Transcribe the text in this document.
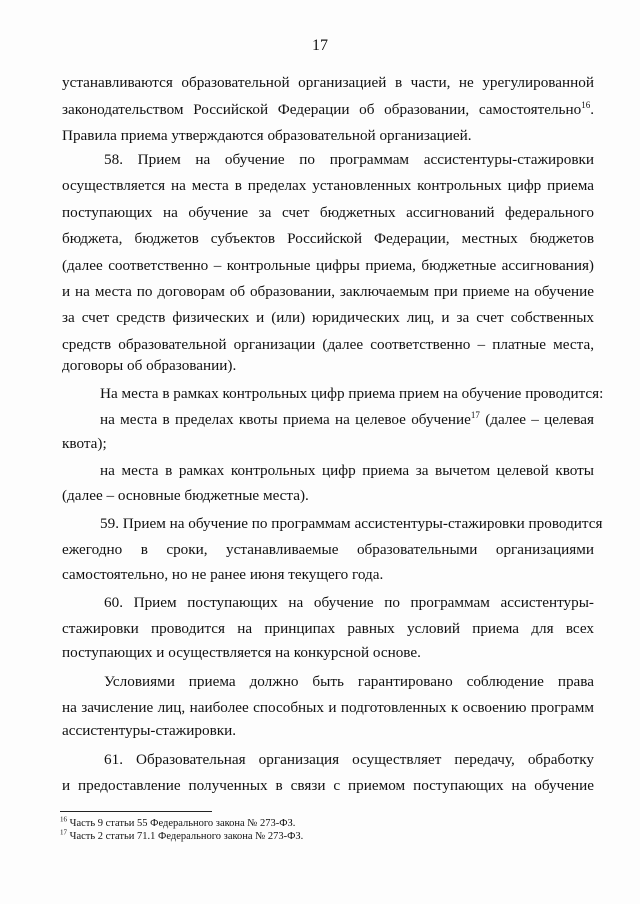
17
устанавливаются образовательной организацией в части, не урегулированной
законодательством Российской Федерации об образовании, самостоятельно$^{16}$.
Правила приема утверждаются образовательной организацией.
58. Прием на обучение по программам ассистентуры-стажировки
осуществляется на места в пределах установленных контрольных цифр приема
поступающих на обучение за счет бюджетных ассигнований федерального
бюджета, бюджетов субъектов Российской Федерации, местных бюджетов
(далее соответственно – контрольные цифры приема, бюджетные ассигнования)
и на места по договорам об образовании, заключаемым при приеме на обучение
за счет средств физических и (или) юридических лиц, и за счет собственных
средств образовательной организации (далее соответственно – платные места,
договоры об образовании).
На места в рамках контрольных цифр приема прием на обучение проводится:
на места в пределах квоты приема на целевое обучение$^{17}$ (далее – целевая
квота);
на места в рамках контрольных цифр приема за вычетом целевой квоты
(далее – основные бюджетные места).
59. Прием на обучение по программам ассистентуры-стажировки проводится
ежегодно в сроки, устанавливаемые образовательными организациями
самостоятельно, но не ранее июня текущего года.
60. Прием поступающих на обучение по программам ассистентуры-
стажировки проводится на принципах равных условий приема для всех
поступающих и осуществляется на конкурсной основе.
Условиями приема должно быть гарантировано соблюдение права
на зачисление лиц, наиболее способных и подготовленных к освоению программ
ассистентуры-стажировки.
61. Образовательная организация осуществляет передачу, обработку
и предоставление полученных в связи с приемом поступающих на обучение
$^{16}$ Часть 9 статьи 55 Федерального закона № 273-ФЗ.
$^{17}$ Часть 2 статьи 71.1 Федерального закона № 273-ФЗ.
